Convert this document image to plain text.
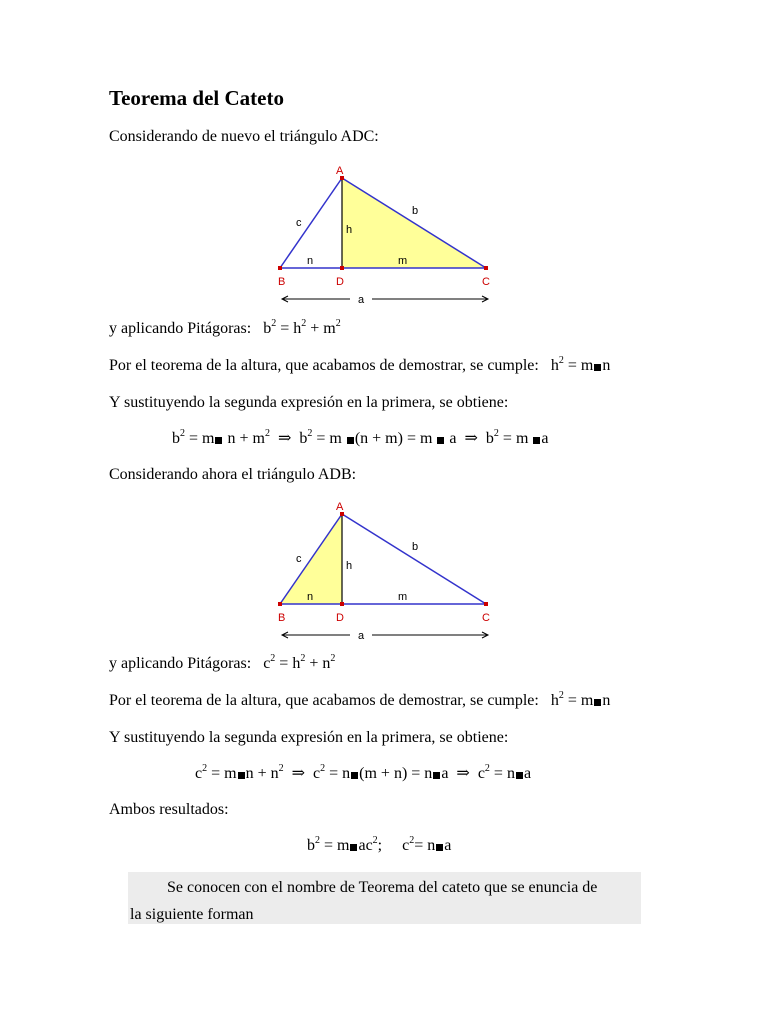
Teorema del Cateto
Considerando de nuevo el triángulo ADC:
A
B	D	C
c
b
h
n	m
a
y aplicando Pitágoras:   $b^2 = h^2 + m^2$
Por el teorema de la altura, que acabamos de demostrar, se cumple:   $h^2 = m$ n
Y sustituyendo la segunda expresión en la primera, se obtiene:
$b^2 = m$ $n + m^2$  ⇒  $b^2 = m$ (n + m) = m  a  ⇒  $b^2 = m$ a
Considerando ahora el triángulo ADB:
A
B	D	C
c
b
h
n	m
a
y aplicando Pitágoras:   $c^2 = h^2 + n^2$
Por el teorema de la altura, que acabamos de demostrar, se cumple:   $h^2 = m$ n
Y sustituyendo la segunda expresión en la primera, se obtiene:
$c^2 = m$ $n + n^2$  ⇒  $c^2 = n$ (m + n) = n a  ⇒  $c^2 = n$ a
Ambos resultados:
$b^2 = m$ $ac^2$;     $c^2= n$ a
Se conocen con el nombre de Teorema del cateto que se enuncia de
la siguiente forman
